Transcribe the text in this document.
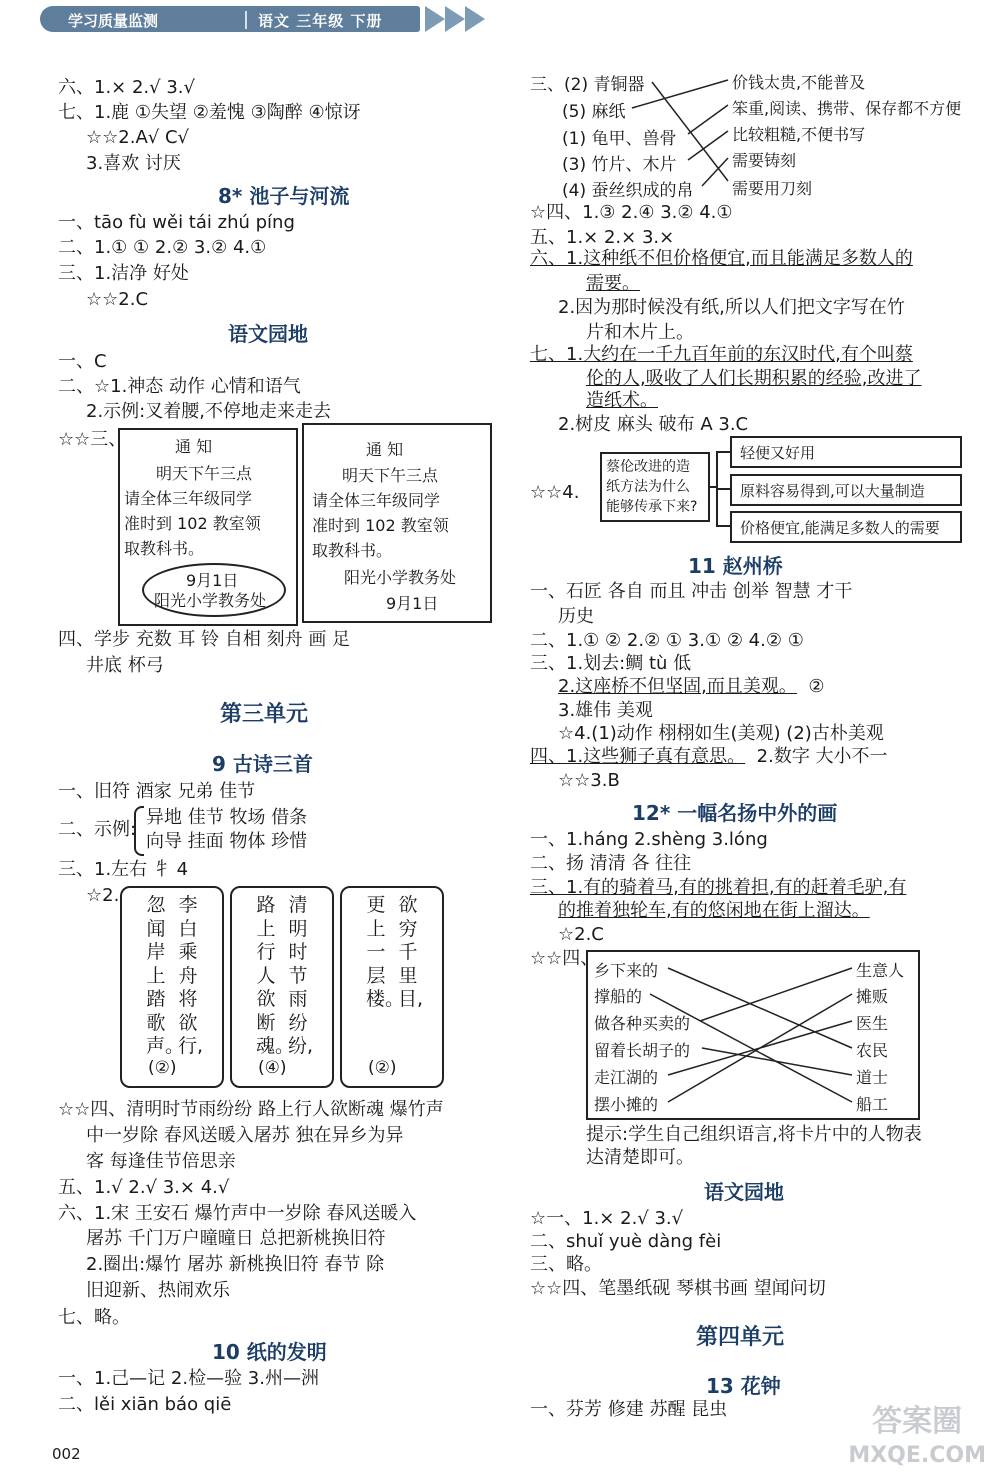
学习质量监测	语文 三年级 下册
六、1.× 2.√ 3.√
七、1.鹿 ①失望 ②羞愧 ③陶醉 ④惊讶
☆☆2.A√ C√
3.喜欢 讨厌
8* 池子与河流
一、tāo fù wěi tái zhú píng
二、1.① ① 2.② 3.② 4.①
三、1.洁净 好处
☆☆2.C
语文园地
一、C
二、☆1.神态 动作 心情和语气
2.示例:叉着腰,不停地走来走去
☆☆三、	通 知
明天下午三点
请全体三年级同学
准时到 102 教室领
取教科书。
9月1日
阳光小学教务处
通 知
明天下午三点
请全体三年级同学
准时到 102 教室领
取教科书。
阳光小学教务处
9月1日
四、学步 充数 耳 铃 自相 刻舟 画 足
井底 杯弓
第三单元
9 古诗三首
一、旧符 酒家 兄弟 佳节
二、示例:
异地 佳节 牧场 借条
向导 挂面 物体 珍惜
三、1.左右 牜 4
☆2.	李白乘舟将欲行,
忽闻岸上踏歌声。
(②)
清明时节雨纷纷,
路上行人欲断魂。
(④)
欲穷千里目,
更上一层楼。
(②)
☆☆四、清明时节雨纷纷 路上行人欲断魂 爆竹声
中一岁除 春风送暖入屠苏 独在异乡为异
客 每逢佳节倍思亲
五、1.√ 2.√ 3.× 4.√
六、1.宋 王安石 爆竹声中一岁除 春风送暖入
屠苏 千门万户曈曈日 总把新桃换旧符
2.圈出:爆竹 屠苏 新桃换旧符 春节 除
旧迎新、热闹欢乐
七、略。
10 纸的发明
一、1.己—记 2.检—验 3.州—洲
二、lěi xiān báo qiē
三、(2) 青铜器
(5) 麻纸
(1) 龟甲、兽骨
(3) 竹片、木片
(4) 蚕丝织成的帛
价钱太贵,不能普及
笨重,阅读、携带、保存都不方便
比较粗糙,不便书写
需要铸刻
需要用刀刻
☆四、1.③ 2.④ 3.② 4.①
五、1.× 2.× 3.×
六、1.这种纸不但价格便宜,而且能满足多数人的
需要。
2.因为那时候没有纸,所以人们把文字写在竹
片和木片上。
七、1.大约在一千九百年前的东汉时代,有个叫蔡
伦的人,吸收了人们长期积累的经验,改进了
造纸术。
2.树皮 麻头 破布 A 3.C
☆☆4.
蔡伦改进的造
纸方法为什么
能够传承下来?
轻便又好用
原料容易得到,可以大量制造
价格便宜,能满足多数人的需要
11 赵州桥
一、石匠 各自 而且 冲击 创举 智慧 才干
历史
二、1.① ② 2.② ① 3.① ② 4.② ①
三、1.划去:鲷 tù 低
2.这座桥不但坚固,而且美观。 ②
3.雄伟 美观
☆4.(1)动作 栩栩如生(美观) (2)古朴美观
四、1.这些狮子真有意思。 2.数字 大小不一
☆☆3.B
12* 一幅名扬中外的画
一、1.háng 2.shèng 3.lóng
二、扬 清清 各 往往
三、1.有的骑着马,有的挑着担,有的赶着毛驴,有
的推着独轮车,有的悠闲地在街上溜达。
☆2.C
☆☆四、
乡下来的
撑船的
做各种买卖的
留着长胡子的
走江湖的
摆小摊的
生意人
摊贩
医生
农民
道士
船工
提示:学生自己组织语言,将卡片中的人物表
达清楚即可。
语文园地
☆一、1.× 2.√ 3.√
二、shuǐ yuè dàng fèi
三、略。
☆☆四、笔墨纸砚 琴棋书画 望闻问切
第四单元
13 花钟
一、芬芳 修建 苏醒 昆虫
002
答案圈
MXQE.COM
